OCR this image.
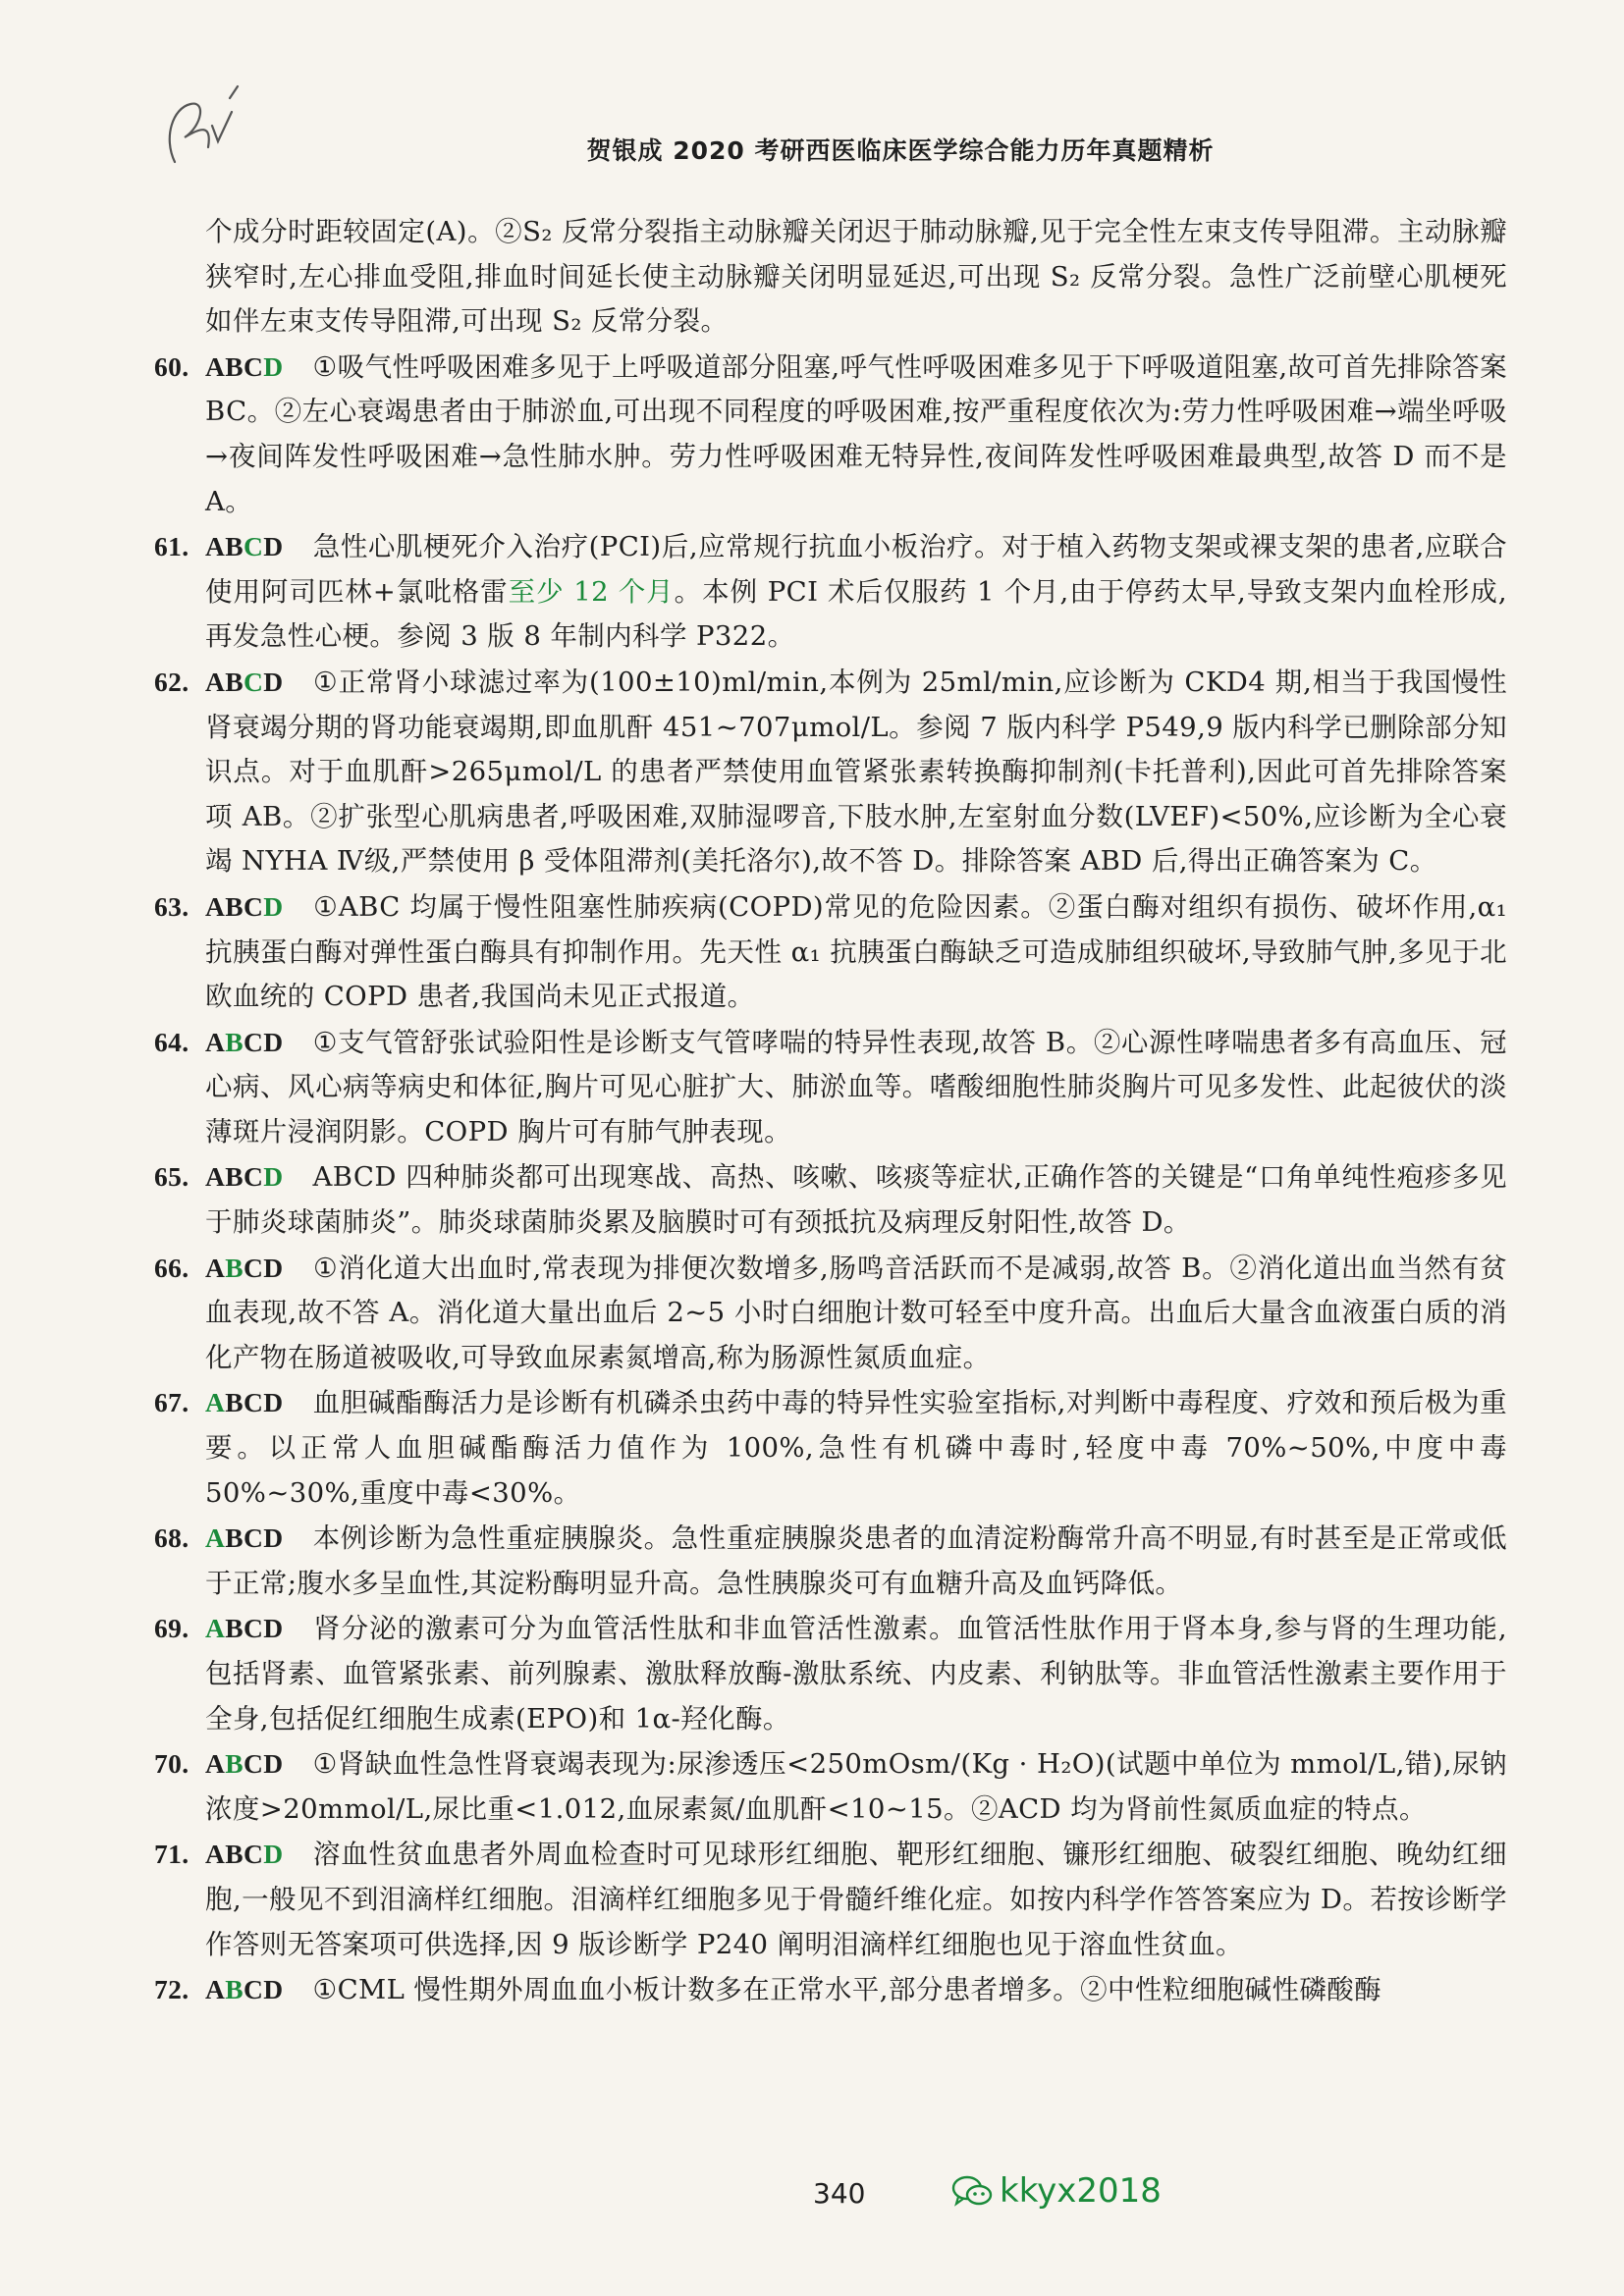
贺银成 2020 考研西医临床医学综合能力历年真题精析

个成分时距较固定(A)。②S₂ 反常分裂指主动脉瓣关闭迟于肺动脉瓣,见于完全性左束支传导阻滞。主动脉瓣狭窄时,左心排血受阻,排血时间延长使主动脉瓣关闭明显延迟,可出现 S₂ 反常分裂。急性广泛前壁心肌梗死如伴左束支传导阻滞,可出现 S₂ 反常分裂。

60. ABCD ①吸气性呼吸困难多见于上呼吸道部分阻塞,呼气性呼吸困难多见于下呼吸道阻塞,故可首先排除答案 BC。②左心衰竭患者由于肺淤血,可出现不同程度的呼吸困难,按严重程度依次为:劳力性呼吸困难→端坐呼吸→夜间阵发性呼吸困难→急性肺水肿。劳力性呼吸困难无特异性,夜间阵发性呼吸困难最典型,故答 D 而不是 A。

61. ABCD 急性心肌梗死介入治疗(PCI)后,应常规行抗血小板治疗。对于植入药物支架或裸支架的患者,应联合使用阿司匹林+氯吡格雷至少 12 个月。本例 PCI 术后仅服药 1 个月,由于停药太早,导致支架内血栓形成,再发急性心梗。参阅 3 版 8 年制内科学 P322。

62. ABCD ①正常肾小球滤过率为(100±10)ml/min,本例为 25ml/min,应诊断为 CKD4 期,相当于我国慢性肾衰竭分期的肾功能衰竭期,即血肌酐 451~707μmol/L。参阅 7 版内科学 P549,9 版内科学已删除部分知识点。对于血肌酐>265μmol/L 的患者严禁使用血管紧张素转换酶抑制剂(卡托普利),因此可首先排除答案项 AB。②扩张型心肌病患者,呼吸困难,双肺湿啰音,下肢水肿,左室射血分数(LVEF)<50%,应诊断为全心衰竭 NYHA Ⅳ级,严禁使用 β 受体阻滞剂(美托洛尔),故不答 D。排除答案 ABD 后,得出正确答案为 C。

63. ABCD ①ABC 均属于慢性阻塞性肺疾病(COPD)常见的危险因素。②蛋白酶对组织有损伤、破坏作用,α₁ 抗胰蛋白酶对弹性蛋白酶具有抑制作用。先天性 α₁ 抗胰蛋白酶缺乏可造成肺组织破坏,导致肺气肿,多见于北欧血统的 COPD 患者,我国尚未见正式报道。

64. ABCD ①支气管舒张试验阳性是诊断支气管哮喘的特异性表现,故答 B。②心源性哮喘患者多有高血压、冠心病、风心病等病史和体征,胸片可见心脏扩大、肺淤血等。嗜酸细胞性肺炎胸片可见多发性、此起彼伏的淡薄斑片浸润阴影。COPD 胸片可有肺气肿表现。

65. ABCD ABCD 四种肺炎都可出现寒战、高热、咳嗽、咳痰等症状,正确作答的关键是“口角单纯性疱疹多见于肺炎球菌肺炎”。肺炎球菌肺炎累及脑膜时可有颈抵抗及病理反射阳性,故答 D。

66. ABCD ①消化道大出血时,常表现为排便次数增多,肠鸣音活跃而不是减弱,故答 B。②消化道出血当然有贫血表现,故不答 A。消化道大量出血后 2~5 小时白细胞计数可轻至中度升高。出血后大量含血液蛋白质的消化产物在肠道被吸收,可导致血尿素氮增高,称为肠源性氮质血症。

67. ABCD 血胆碱酯酶活力是诊断有机磷杀虫药中毒的特异性实验室指标,对判断中毒程度、疗效和预后极为重要。以正常人血胆碱酯酶活力值作为 100%,急性有机磷中毒时,轻度中毒 70%~50%,中度中毒 50%~30%,重度中毒<30%。

68. ABCD 本例诊断为急性重症胰腺炎。急性重症胰腺炎患者的血清淀粉酶常升高不明显,有时甚至是正常或低于正常;腹水多呈血性,其淀粉酶明显升高。急性胰腺炎可有血糖升高及血钙降低。

69. ABCD 肾分泌的激素可分为血管活性肽和非血管活性激素。血管活性肽作用于肾本身,参与肾的生理功能,包括肾素、血管紧张素、前列腺素、激肽释放酶-激肽系统、内皮素、利钠肽等。非血管活性激素主要作用于全身,包括促红细胞生成素(EPO)和 1α-羟化酶。

70. ABCD ①肾缺血性急性肾衰竭表现为:尿渗透压<250mOsm/(Kg · H₂O)(试题中单位为 mmol/L,错),尿钠浓度>20mmol/L,尿比重<1.012,血尿素氮/血肌酐<10~15。②ACD 均为肾前性氮质血症的特点。

71. ABCD 溶血性贫血患者外周血检查时可见球形红细胞、靶形红细胞、镰形红细胞、破裂红细胞、晚幼红细胞,一般见不到泪滴样红细胞。泪滴样红细胞多见于骨髓纤维化症。如按内科学作答答案应为 D。若按诊断学作答则无答案项可供选择,因 9 版诊断学 P240 阐明泪滴样红细胞也见于溶血性贫血。

72. ABCD ①CML 慢性期外周血血小板计数多在正常水平,部分患者增多。②中性粒细胞碱性磷酸酶

340	kkyx2018
